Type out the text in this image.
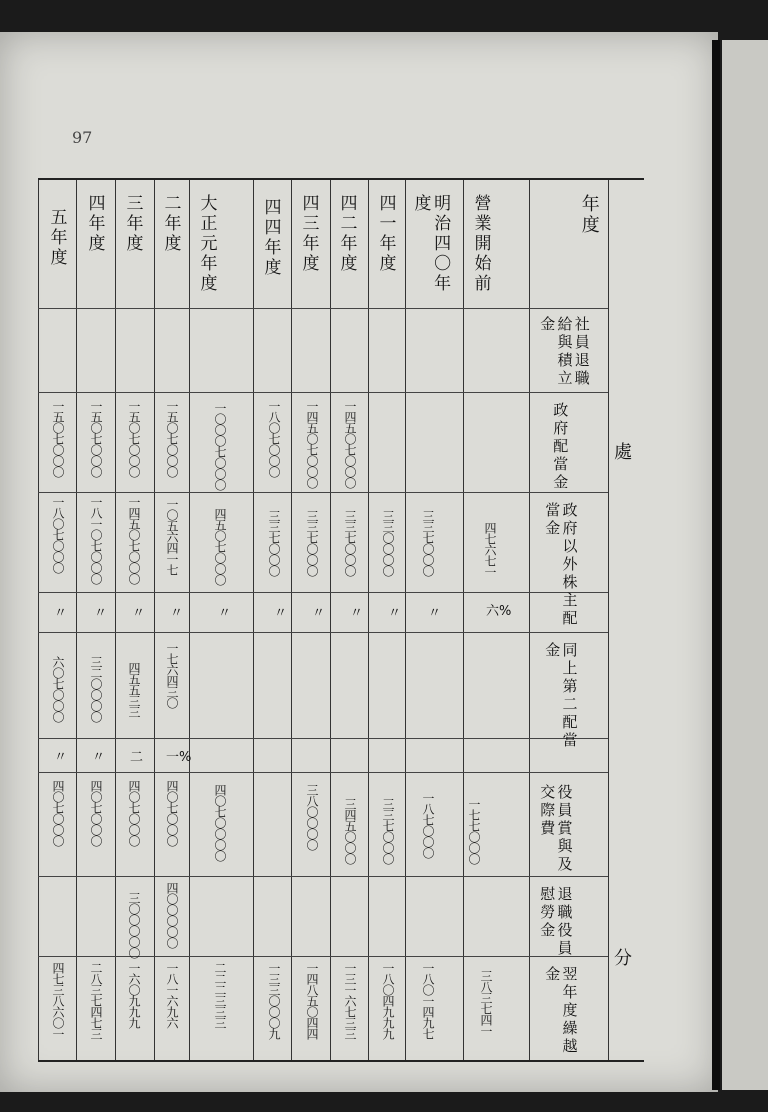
97
年度
處
分
社員退職給與積立金
政府配當金
政府以外株主配當金
同上第二配當金
役員賞與及交際費
退職役員慰勞金
翌年度繰越金
營業開始前
明治四〇年度
四一年度
四二年度
四三年度
四四年度
大正元年度
二年度
三年度
四年度
五年度
一四五〇七〇〇〇
一四五〇七〇〇〇
一八〇七〇〇〇
一〇〇〇七〇〇〇
一五〇七〇〇〇
一五〇七〇〇〇
一五〇七〇〇〇
一五〇七〇〇〇
四七六七一
三三七〇〇〇
三三〇〇〇〇
三三七〇〇〇
三三七〇〇〇
三三七〇〇〇
四五〇七〇〇〇
一〇五六四一七
一四五〇七〇〇〇
一八一〇七〇〇〇
一八〇七〇〇〇
六%
〃
〃
〃
〃
〃
〃
〃
〃
〃
〃
一七六四三〇
四五五三三
三二〇〇〇〇
六〇七〇〇〇
一%
二
〃
〃
一七七〇〇〇
一八七〇〇〇
三三七〇〇〇
三四五〇〇〇
三八〇〇〇〇
四〇七〇〇〇〇
四〇七〇〇〇
四〇七〇〇〇
四〇七〇〇〇
四〇七〇〇〇
四〇〇〇〇〇
三〇〇〇〇〇
三八三七四一
一八〇一四九七
一八〇四九九九
一三一六七三三
一四八五〇四四
一三三〇〇〇九
二二二三三三
一八一六九六
一六〇九九九
二八三七四七三
四七三八六〇一
